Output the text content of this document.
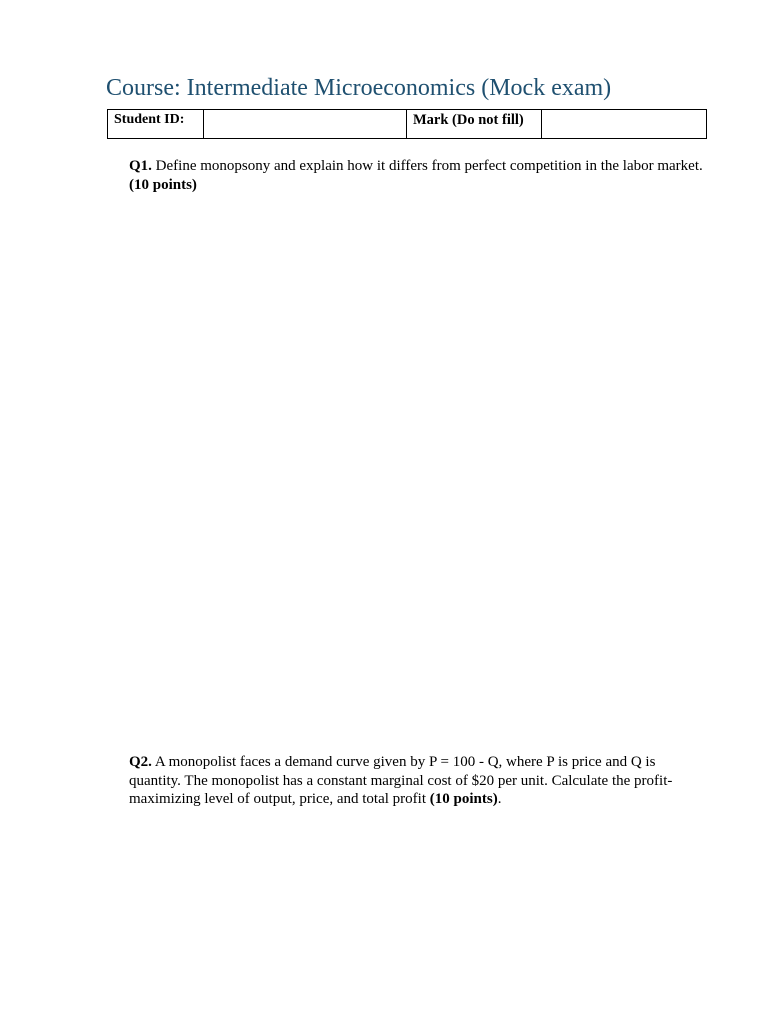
Course: Intermediate Microeconomics (Mock exam)
Student ID:		Mark (Do not fill)

Q1. Define monopsony and explain how it differs from perfect competition in the labor market.
(10 points)

Q2. A monopolist faces a demand curve given by P = 100 - Q, where P is price and Q is quantity. The monopolist has a constant marginal cost of $20 per unit. Calculate the profit-maximizing level of output, price, and total profit (10 points).
